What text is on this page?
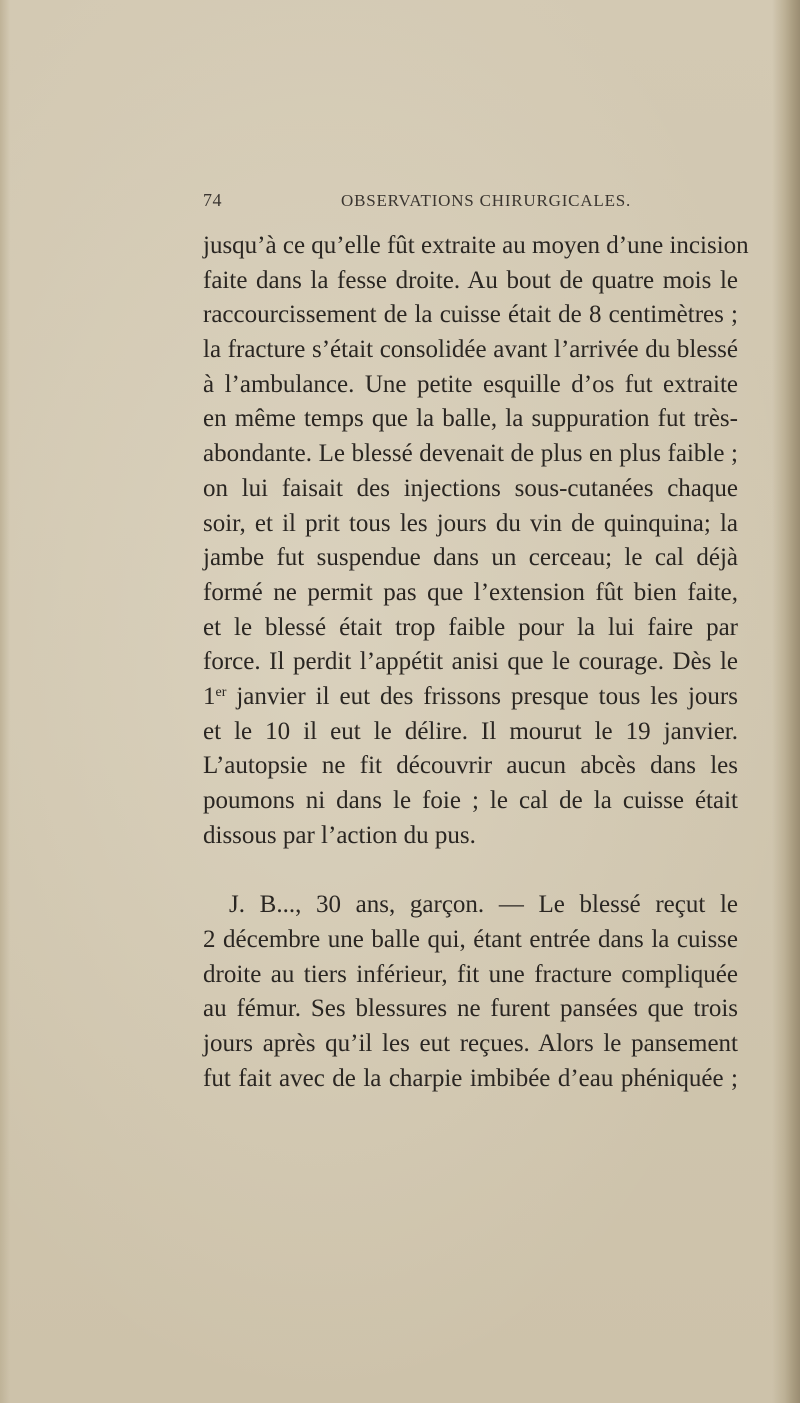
74	OBSERVATIONS CHIRURGICALES.
jusqu’à ce qu’elle fût extraite au moyen d’une incision
faite dans la fesse droite. Au bout de quatre mois le
raccourcissement de la cuisse était de 8 centimètres ;
la fracture s’était consolidée avant l’arrivée du blessé
à l’ambulance. Une petite esquille d’os fut extraite
en même temps que la balle, la suppuration fut très-
abondante. Le blessé devenait de plus en plus faible ;
on lui faisait des injections sous-cutanées chaque
soir, et il prit tous les jours du vin de quinquina; la
jambe fut suspendue dans un cerceau; le cal déjà
formé ne permit pas que l’extension fût bien faite,
et le blessé était trop faible pour la lui faire par
force. Il perdit l’appétit anisi que le courage. Dès le
1er janvier il eut des frissons presque tous les jours
et le 10 il eut le délire. Il mourut le 19 janvier.
L’autopsie ne fit découvrir aucun abcès dans les
poumons ni dans le foie ; le cal de la cuisse était
dissous par l’action du pus.
J. B..., 30 ans, garçon. — Le blessé reçut le
2 décembre une balle qui, étant entrée dans la cuisse
droite au tiers inférieur, fit une fracture compliquée
au fémur. Ses blessures ne furent pansées que trois
jours après qu’il les eut reçues. Alors le pansement
fut fait avec de la charpie imbibée d’eau phéniquée ;
